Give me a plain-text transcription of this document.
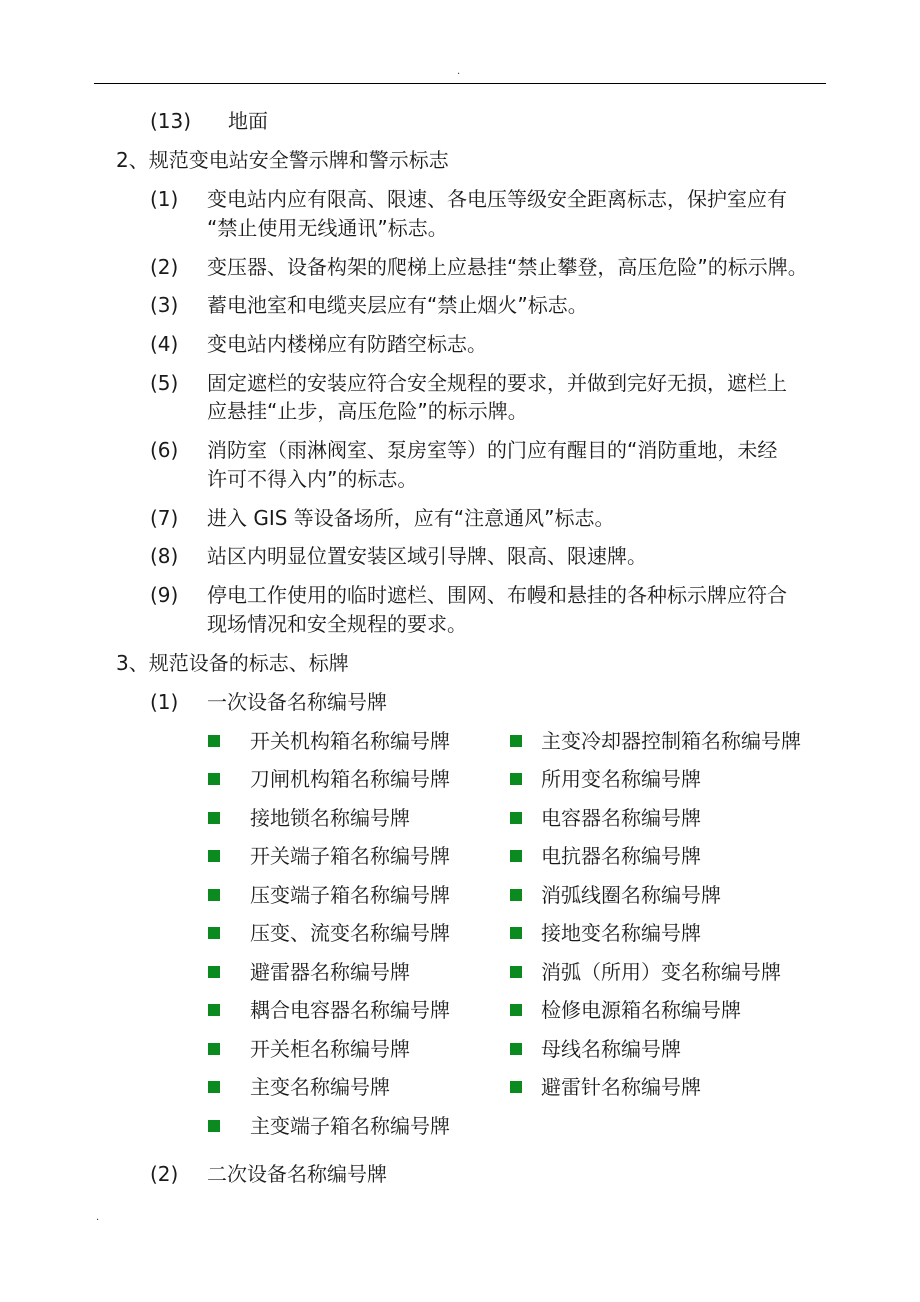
.
(13) 地面
2、规范变电站安全警示牌和警示标志
(1) 变电站内应有限高、限速、各电压等级安全距离标志，保护室应有
“禁止使用无线通讯”标志。
(2) 变压器、设备构架的爬梯上应悬挂“禁止攀登，高压危险”的标示牌。
(3) 蓄电池室和电缆夹层应有“禁止烟火”标志。
(4) 变电站内楼梯应有防踏空标志。
(5) 固定遮栏的安装应符合安全规程的要求，并做到完好无损，遮栏上
应悬挂“止步，高压危险”的标示牌。
(6) 消防室（雨淋阀室、泵房室等）的门应有醒目的“消防重地，未经
许可不得入内”的标志。
(7) 进入 GIS 等设备场所，应有“注意通风”标志。
(8) 站区内明显位置安装区域引导牌、限高、限速牌。
(9) 停电工作使用的临时遮栏、围网、布幔和悬挂的各种标示牌应符合
现场情况和安全规程的要求。
3、规范设备的标志、标牌
(1) 一次设备名称编号牌
开关机构箱名称编号牌
刀闸机构箱名称编号牌
接地锁名称编号牌
开关端子箱名称编号牌
压变端子箱名称编号牌
压变、流变名称编号牌
避雷器名称编号牌
耦合电容器名称编号牌
开关柜名称编号牌
主变名称编号牌
主变端子箱名称编号牌
主变冷却器控制箱名称编号牌
所用变名称编号牌
电容器名称编号牌
电抗器名称编号牌
消弧线圈名称编号牌
接地变名称编号牌
消弧（所用）变名称编号牌
检修电源箱名称编号牌
母线名称编号牌
避雷针名称编号牌
(2) 二次设备名称编号牌
.
